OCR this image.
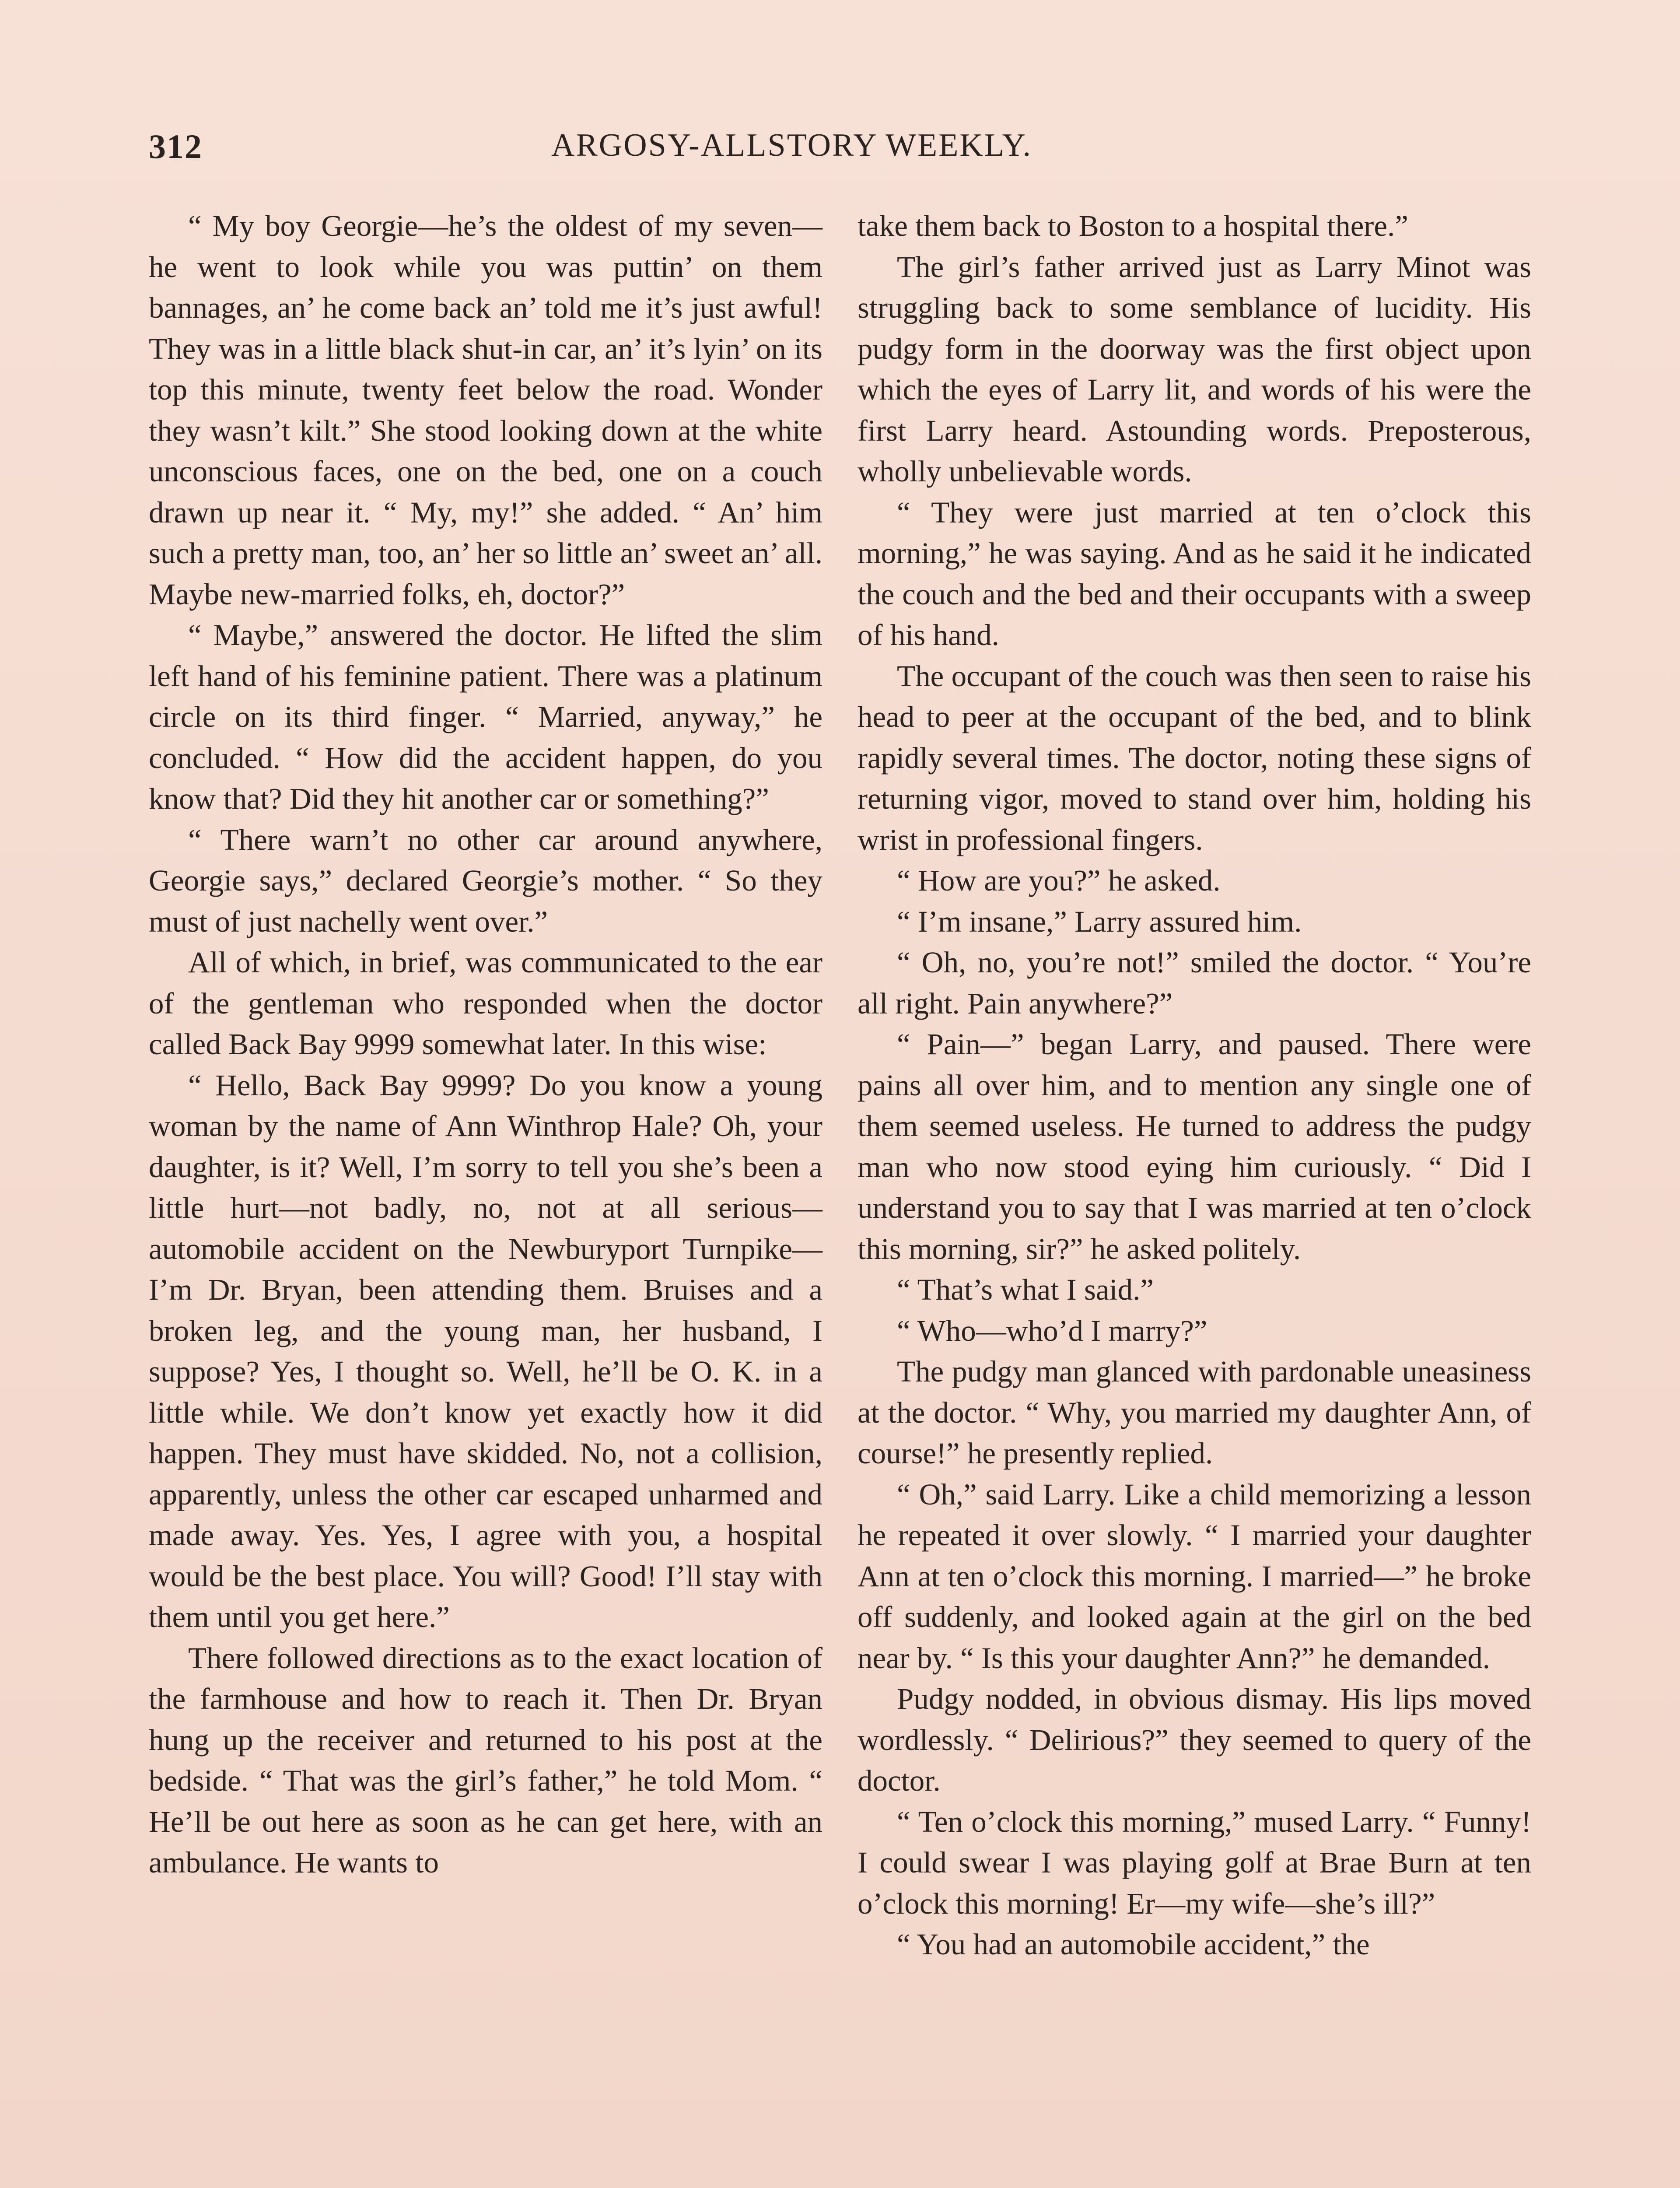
312	ARGOSY-ALLSTORY WEEKLY.

“ My boy Georgie—he’s the oldest of my seven—he went to look while you was puttin’ on them bannages, an’ he come back an’ told me it’s just awful! They was in a little black shut-in car, an’ it’s lyin’ on its top this minute, twenty feet below the road. Wonder they wasn’t kilt.” She stood looking down at the white unconscious faces, one on the bed, one on a couch drawn up near it. “ My, my!” she added. “ An’ him such a pretty man, too, an’ her so little an’ sweet an’ all. Maybe new-married folks, eh, doctor?”

“ Maybe,” answered the doctor. He lifted the slim left hand of his feminine patient. There was a platinum circle on its third finger. “ Married, anyway,” he concluded. “ How did the accident happen, do you know that? Did they hit another car or something?”

“ There warn’t no other car around anywhere, Georgie says,” declared Georgie’s mother. “ So they must of just nachelly went over.”

All of which, in brief, was communicated to the ear of the gentleman who responded when the doctor called Back Bay 9999 somewhat later. In this wise:

“ Hello, Back Bay 9999? Do you know a young woman by the name of Ann Winthrop Hale? Oh, your daughter, is it? Well, I’m sorry to tell you she’s been a little hurt—not badly, no, not at all serious—automobile accident on the Newburyport Turnpike—I’m Dr. Bryan, been attending them. Bruises and a broken leg, and the young man, her husband, I suppose? Yes, I thought so. Well, he’ll be O. K. in a little while. We don’t know yet exactly how it did happen. They must have skidded. No, not a collision, apparently, unless the other car escaped unharmed and made away. Yes. Yes, I agree with you, a hospital would be the best place. You will? Good! I’ll stay with them until you get here.”

There followed directions as to the exact location of the farmhouse and how to reach it. Then Dr. Bryan hung up the receiver and returned to his post at the bedside. “ That was the girl’s father,” he told Mom. “ He’ll be out here as soon as he can get here, with an ambulance. He wants to

take them back to Boston to a hospital there.”

The girl’s father arrived just as Larry Minot was struggling back to some semblance of lucidity. His pudgy form in the doorway was the first object upon which the eyes of Larry lit, and words of his were the first Larry heard. Astounding words. Preposterous, wholly unbelievable words.

“ They were just married at ten o’clock this morning,” he was saying. And as he said it he indicated the couch and the bed and their occupants with a sweep of his hand.

The occupant of the couch was then seen to raise his head to peer at the occupant of the bed, and to blink rapidly several times. The doctor, noting these signs of returning vigor, moved to stand over him, holding his wrist in professional fingers.

“ How are you?” he asked.

“ I’m insane,” Larry assured him.

“ Oh, no, you’re not!” smiled the doctor. “ You’re all right. Pain anywhere?”

“ Pain—” began Larry, and paused. There were pains all over him, and to mention any single one of them seemed useless. He turned to address the pudgy man who now stood eying him curiously. “ Did I understand you to say that I was married at ten o’clock this morning, sir?” he asked politely.

“ That’s what I said.”

“ Who—who’d I marry?”

The pudgy man glanced with pardonable uneasiness at the doctor. “ Why, you married my daughter Ann, of course!” he presently replied.

“ Oh,” said Larry. Like a child memorizing a lesson he repeated it over slowly. “ I married your daughter Ann at ten o’clock this morning. I married—” he broke off suddenly, and looked again at the girl on the bed near by. “ Is this your daughter Ann?” he demanded.

Pudgy nodded, in obvious dismay. His lips moved wordlessly. “ Delirious?” they seemed to query of the doctor.

“ Ten o’clock this morning,” mused Larry. “ Funny! I could swear I was playing golf at Brae Burn at ten o’clock this morning! Er—my wife—she’s ill?”

“ You had an automobile accident,” the
